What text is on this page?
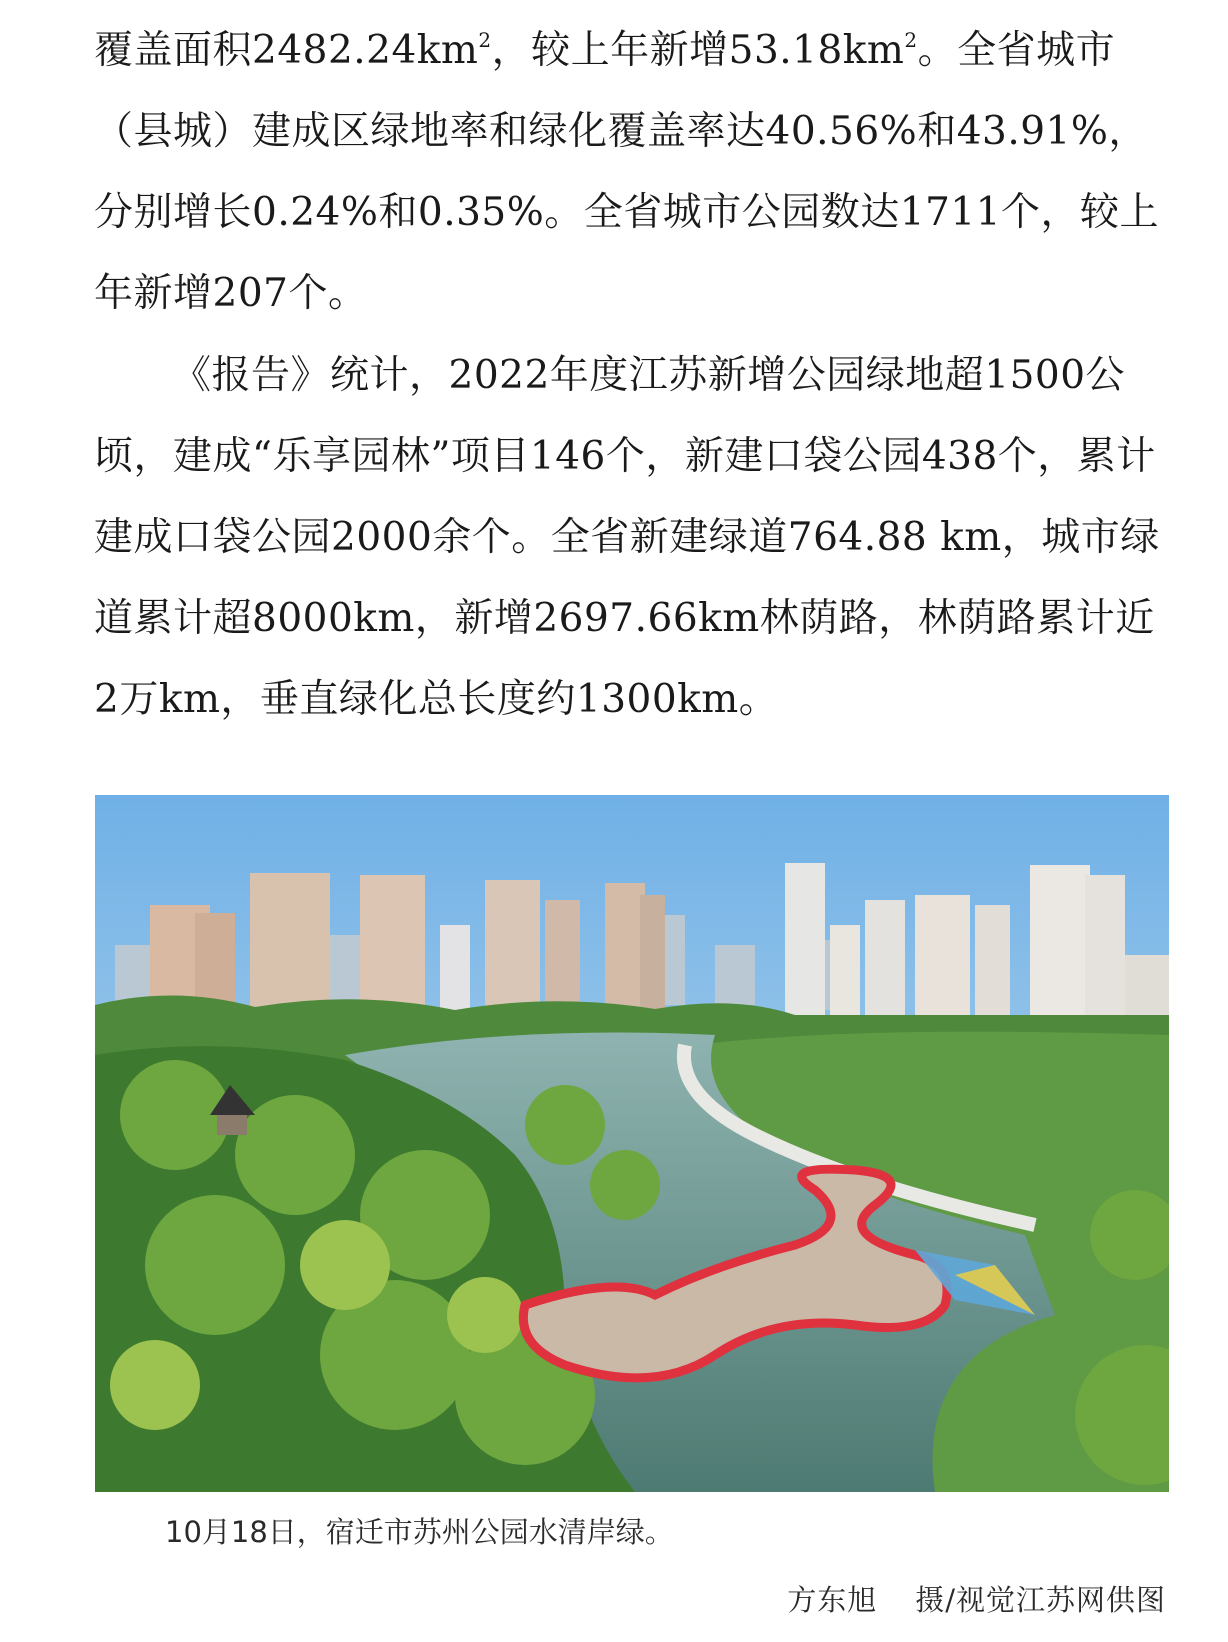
覆盖面积$2482.24km^2$，较上年新增$53.18km^2$。全省城市（县城）建成区绿地率和绿化覆盖率达40.56%和43.91%，分别增长0.24%和0.35%。全省城市公园数达1711个，较上年新增207个。

《报告》统计，2022年度江苏新增公园绿地超1500公顷，建成“乐享园林”项目146个，新建口袋公园438个，累计建成口袋公园2000余个。全省新建绿道764.88 km，城市绿道累计超8000km，新增2697.66km林荫路，林荫路累计近2万km，垂直绿化总长度约1300km。

10月18日，宿迁市苏州公园水清岸绿。
方东旭 摄/视觉江苏网供图
